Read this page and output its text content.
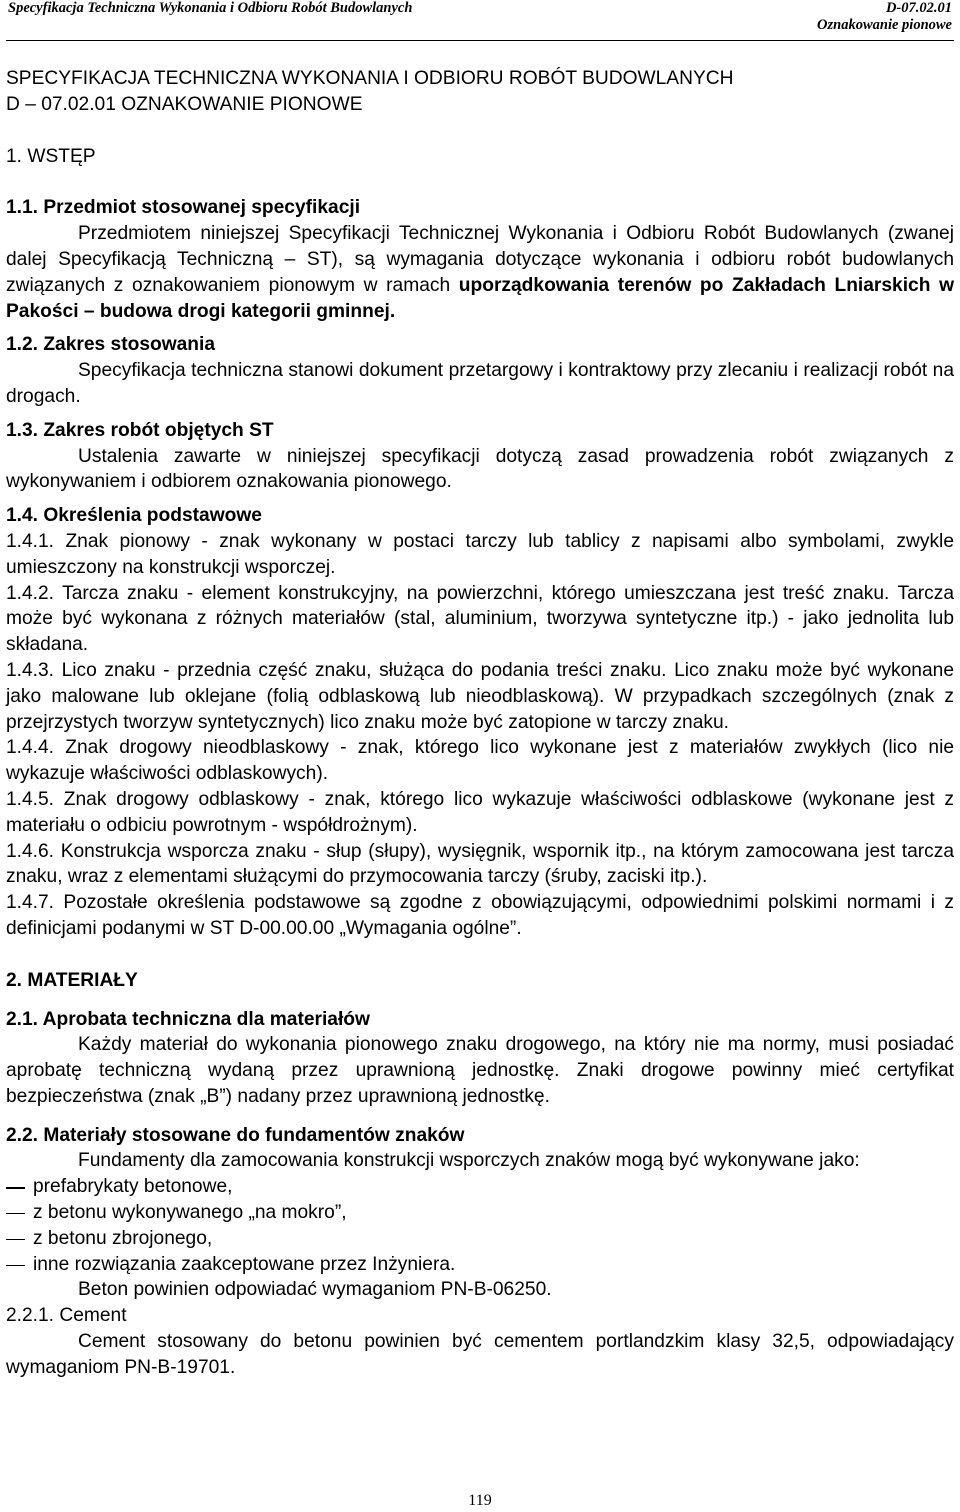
Specyfikacja Techniczna Wykonania i Odbioru Robót Budowlanych	D-07.02.01
Oznakowanie pionowe

SPECYFIKACJA TECHNICZNA WYKONANIA I ODBIORU ROBÓT BUDOWLANYCH

D – 07.02.01 OZNAKOWANIE PIONOWE

1. WSTĘP

1.1. Przedmiot stosowanej specyfikacji

Przedmiotem niniejszej Specyfikacji Technicznej Wykonania i Odbioru Robót Budowlanych (zwanej dalej Specyfikacją Techniczną – ST), są wymagania dotyczące wykonania i odbioru robót budowlanych związanych z oznakowaniem pionowym w ramach uporządkowania terenów po Zakładach Lniarskich w Pakości – budowa drogi kategorii gminnej.

1.2. Zakres stosowania

Specyfikacja techniczna stanowi dokument przetargowy i kontraktowy przy zlecaniu i realizacji robót na drogach.

1.3. Zakres robót objętych ST

Ustalenia zawarte w niniejszej specyfikacji dotyczą zasad prowadzenia robót związanych z wykonywaniem i odbiorem oznakowania pionowego.

1.4. Określenia podstawowe

1.4.1. Znak pionowy - znak wykonany w postaci tarczy lub tablicy z napisami albo symbolami, zwykle umieszczony na konstrukcji wsporczej.

1.4.2. Tarcza znaku - element konstrukcyjny, na powierzchni, którego umieszczana jest treść znaku. Tarcza może być wykonana z różnych materiałów (stal, aluminium, tworzywa syntetyczne itp.) - jako jednolita lub składana.

1.4.3. Lico znaku - przednia część znaku, służąca do podania treści znaku. Lico znaku może być wykonane jako malowane lub oklejane (folią odblaskową lub nieodblaskową). W przypadkach szczególnych (znak z przejrzystych tworzyw syntetycznych) lico znaku może być zatopione w tarczy znaku.

1.4.4. Znak drogowy nieodblaskowy - znak, którego lico wykonane jest z materiałów zwykłych (lico nie wykazuje właściwości odblaskowych).

1.4.5. Znak drogowy odblaskowy - znak, którego lico wykazuje właściwości odblaskowe (wykonane jest z materiału o odbiciu powrotnym - współdrożnym).

1.4.6. Konstrukcja wsporcza znaku - słup (słupy), wysięgnik, wspornik itp., na którym zamocowana jest tarcza znaku, wraz z elementami służącymi do przymocowania tarczy (śruby, zaciski itp.).

1.4.7. Pozostałe określenia podstawowe są zgodne z obowiązującymi, odpowiednimi polskimi normami i z definicjami podanymi w ST D-00.00.00 „Wymagania ogólne”.

2. MATERIAŁY

2.1. Aprobata techniczna dla materiałów

Każdy materiał do wykonania pionowego znaku drogowego, na który nie ma normy, musi posiadać aprobatę techniczną wydaną przez uprawnioną jednostkę. Znaki drogowe powinny mieć certyfikat bezpieczeństwa (znak „B”) nadany przez uprawnioną jednostkę.

2.2. Materiały stosowane do fundamentów znaków

Fundamenty dla zamocowania konstrukcji wsporczych znaków mogą być wykonywane jako:

prefabrykaty betonowe,
z betonu wykonywanego „na mokro”,
z betonu zbrojonego,
inne rozwiązania zaakceptowane przez Inżyniera.

Beton powinien odpowiadać wymaganiom PN-B-06250.

2.2.1. Cement

Cement stosowany do betonu powinien być cementem portlandzkim klasy 32,5, odpowiadający wymaganiom PN-B-19701.

119
